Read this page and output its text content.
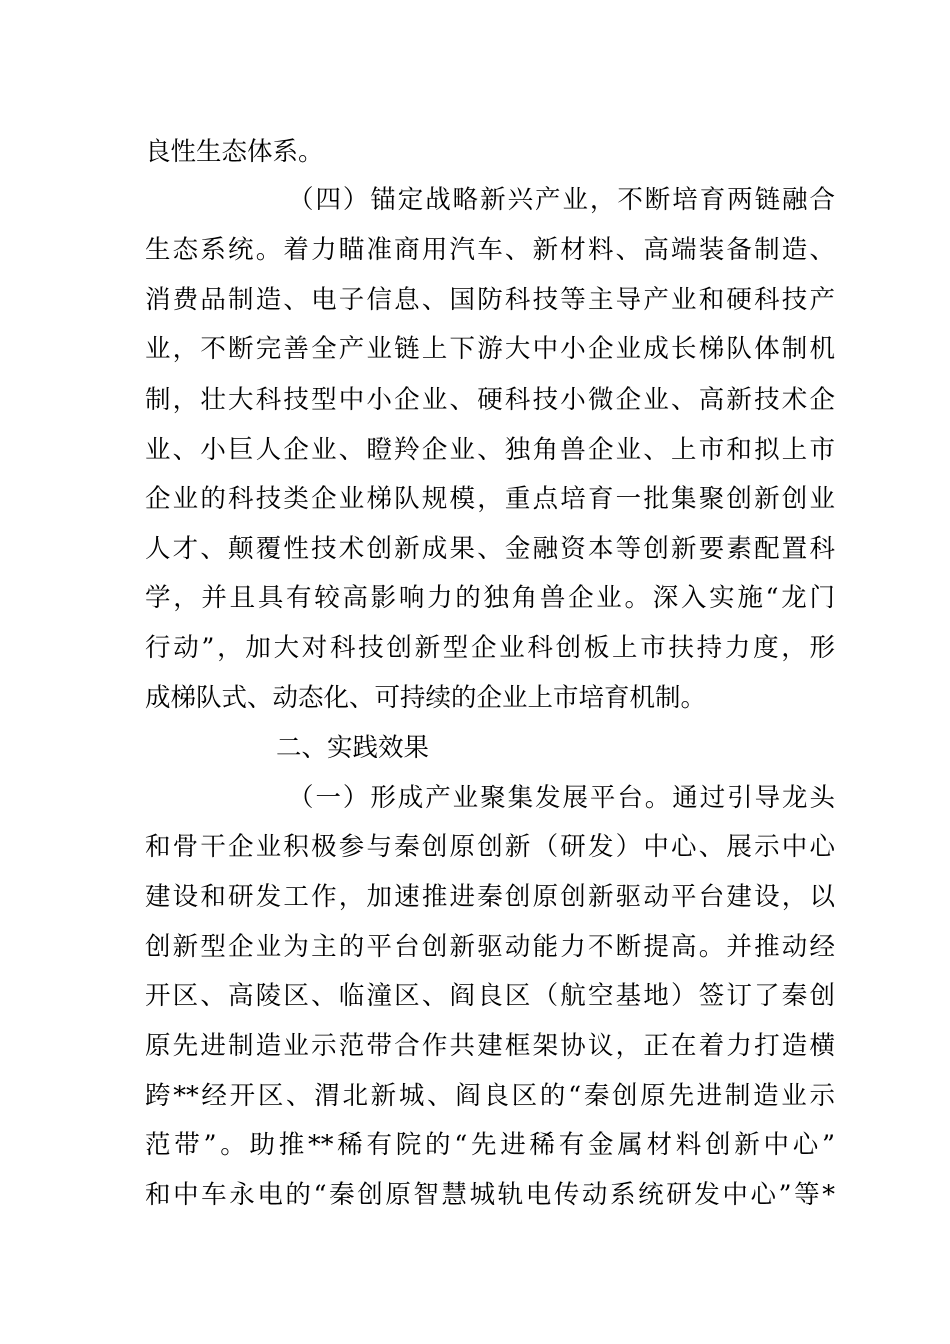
良性生态体系。
（四）锚定战略新兴产业，不断培育两链融合
生态系统。着力瞄准商用汽车、新材料、高端装备制造、
消费品制造、电子信息、国防科技等主导产业和硬科技产
业，不断完善全产业链上下游大中小企业成长梯队体制机
制，壮大科技型中小企业、硬科技小微企业、高新技术企
业、小巨人企业、瞪羚企业、独角兽企业、上市和拟上市
企业的科技类企业梯队规模，重点培育一批集聚创新创业
人才、颠覆性技术创新成果、金融资本等创新要素配置科
学，并且具有较高影响力的独角兽企业。深入实施“龙门
行动”，加大对科技创新型企业科创板上市扶持力度，形
成梯队式、动态化、可持续的企业上市培育机制。
二、实践效果
（一）形成产业聚集发展平台。通过引导龙头
和骨干企业积极参与秦创原创新（研发）中心、展示中心
建设和研发工作，加速推进秦创原创新驱动平台建设，以
创新型企业为主的平台创新驱动能力不断提高。并推动经
开区、高陵区、临潼区、阎良区（航空基地）签订了秦创
原先进制造业示范带合作共建框架协议，正在着力打造横
跨**经开区、渭北新城、阎良区的“秦创原先进制造业示
范带”。助推**稀有院的“先进稀有金属材料创新中心”
和中车永电的“秦创原智慧城轨电传动系统研发中心”等*
